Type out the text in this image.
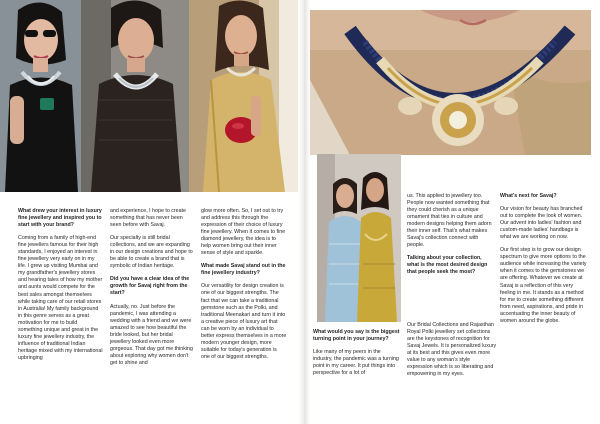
What drew your interest in luxury fine jewellery and inspired you to start with your brand?

Coming from a family of high-end fine jewellers famous for their high standards, I enjoyed an interest in fine jewellery very early on in my life. I grew up visiting Mumbai and my grandfather's jewellery stores and hearing tales of how my mother and aunts would compete for the best sales amongst themselves while taking care of our retail stores in Australia! My family background in this genre serves as a great motivation for me to build something unique and great in the luxury fine jewellery industry, the influence of traditional Indian heritage mixed with my international upbringing

and experience, I hope to create something that has never been seen before with Savaj.

Our specialty is still bridal collections, and we are expanding in our design creations and hope to be able to create a brand that is symbolic of Indian heritage.

Did you have a clear idea of the growth for Savaj right from the start?

Actually, no. Just before the pandemic, I was attending a wedding with a friend and we were amazed to see how beautiful the bride looked, but her bridal jewellery looked even more gorgeous. That day got me thinking about exploring why women don't get to shine and

glow more often. So, I set out to try and address this through the expression of their choice of luxury fine jewellery. When it comes to fine diamond jewellery, the idea is to help women bring out their inner sense of style and sparkle.

What made Savaj stand out in the fine jewellery industry?

Our versatility for design creation is one of our biggest strengths. The fact that we can take a traditional gemstone such as the Polki, and traditional Meenakari and turn it into a creative piece of luxury art that can be worn by an individual to better express themselves in a more modern younger design, more suitable for today's generation is one of our biggest strengths.

What would you say is the biggest turning point in your journey?

Like many of my peers in the industry, the pandemic was a turning point in my career. It put things into perspective for a lot of

us. This applied to jewellery too. People now wanted something that they could cherish as a unique ornament that ties in culture and modern designs helping them adorn their inner self. That's what makes Savaj's collection connect with people.

Talking about your collection, what is the most desired design that people seek the most?

Our Bridal Collections and Rajasthan Royal Polki jewellery set collections are the keystones of recognition for Savaj Jewels. It is personalized luxury at its best and this gives even more value to any woman's style expression which is so liberating and empowering in my eyes.

What's next for Savaj?

Our vision for beauty has branched out to complete the look of women. Our advent into ladies' fashion and custom-made ladies' handbags is what we are working on now.

Our first step is to grow our design spectrum to give more options to the audience while increasing the variety when it comes to the gemstones we are offering. Whatever we create at Savaj is a reflection of this very feeling in me. It stands as a method for me to create something different from need, aspirations, and pride in accentuating the inner beauty of women around the globe.
